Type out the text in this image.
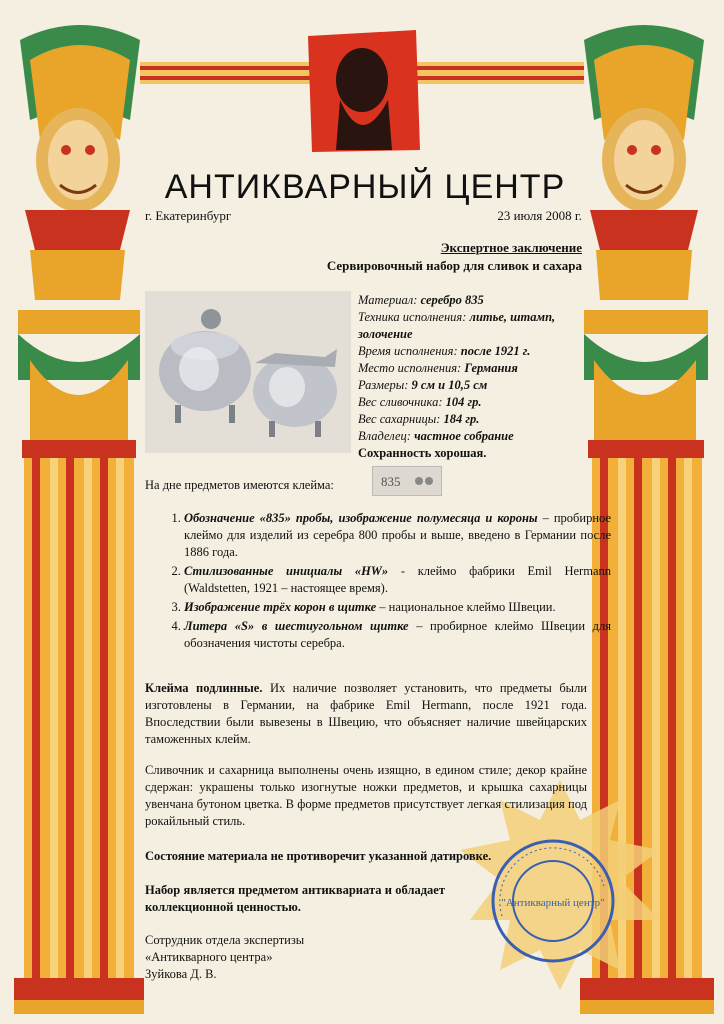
АНТИКВАРНЫЙ ЦЕНТР
г. Екатеринбург	23 июля 2008 г.
Экспертное заключение
Сервировочный набор для сливок и сахара
Материал: серебро 835
Техника исполнения: литье, штамп, золочение
Время исполнения: после 1921 г.
Место исполнения: Германия
Размеры: 9 см и 10,5 см
Вес сливочника: 104 гр.
Вес сахарницы: 184 гр.
Владелец: частное собрание
Сохранность хорошая.
На дне предметов имеются клейма:	835
1. Обозначение «835» пробы, изображение полумесяца и короны – пробирное клеймо для изделий из серебра 800 пробы и выше, введено в Германии после 1886 года.
2. Стилизованные инициалы «HW» - клеймо фабрики Emil Hermann (Waldstetten, 1921 – настоящее время).
3. Изображение трёх корон в щитке – национальное клеймо Швеции.
4. Литера «S» в шестиугольном щитке – пробирное клеймо Швеции для обозначения чистоты серебра.
Клейма подлинные. Их наличие позволяет установить, что предметы были изготовлены в Германии, на фабрике Emil Hermann, после 1921 года. Впоследствии были вывезены в Швецию, что объясняет наличие швейцарских таможенных клейм.
Сливочник и сахарница выполнены очень изящно, в едином стиле; декор крайне сдержан: украшены только изогнутые ножки предметов, и крышка сахарницы увенчана бутоном цветка. В форме предметов присутствует легкая стилизация под рокайльный стиль.
Состояние материала не противоречит указанной датировке.
Набор является предметом антиквариата и обладает коллекционной ценностью.
Сотрудник отдела экспертизы
«Антикварного центра»
Зуйкова Д. В.
"Антикварный центр"
